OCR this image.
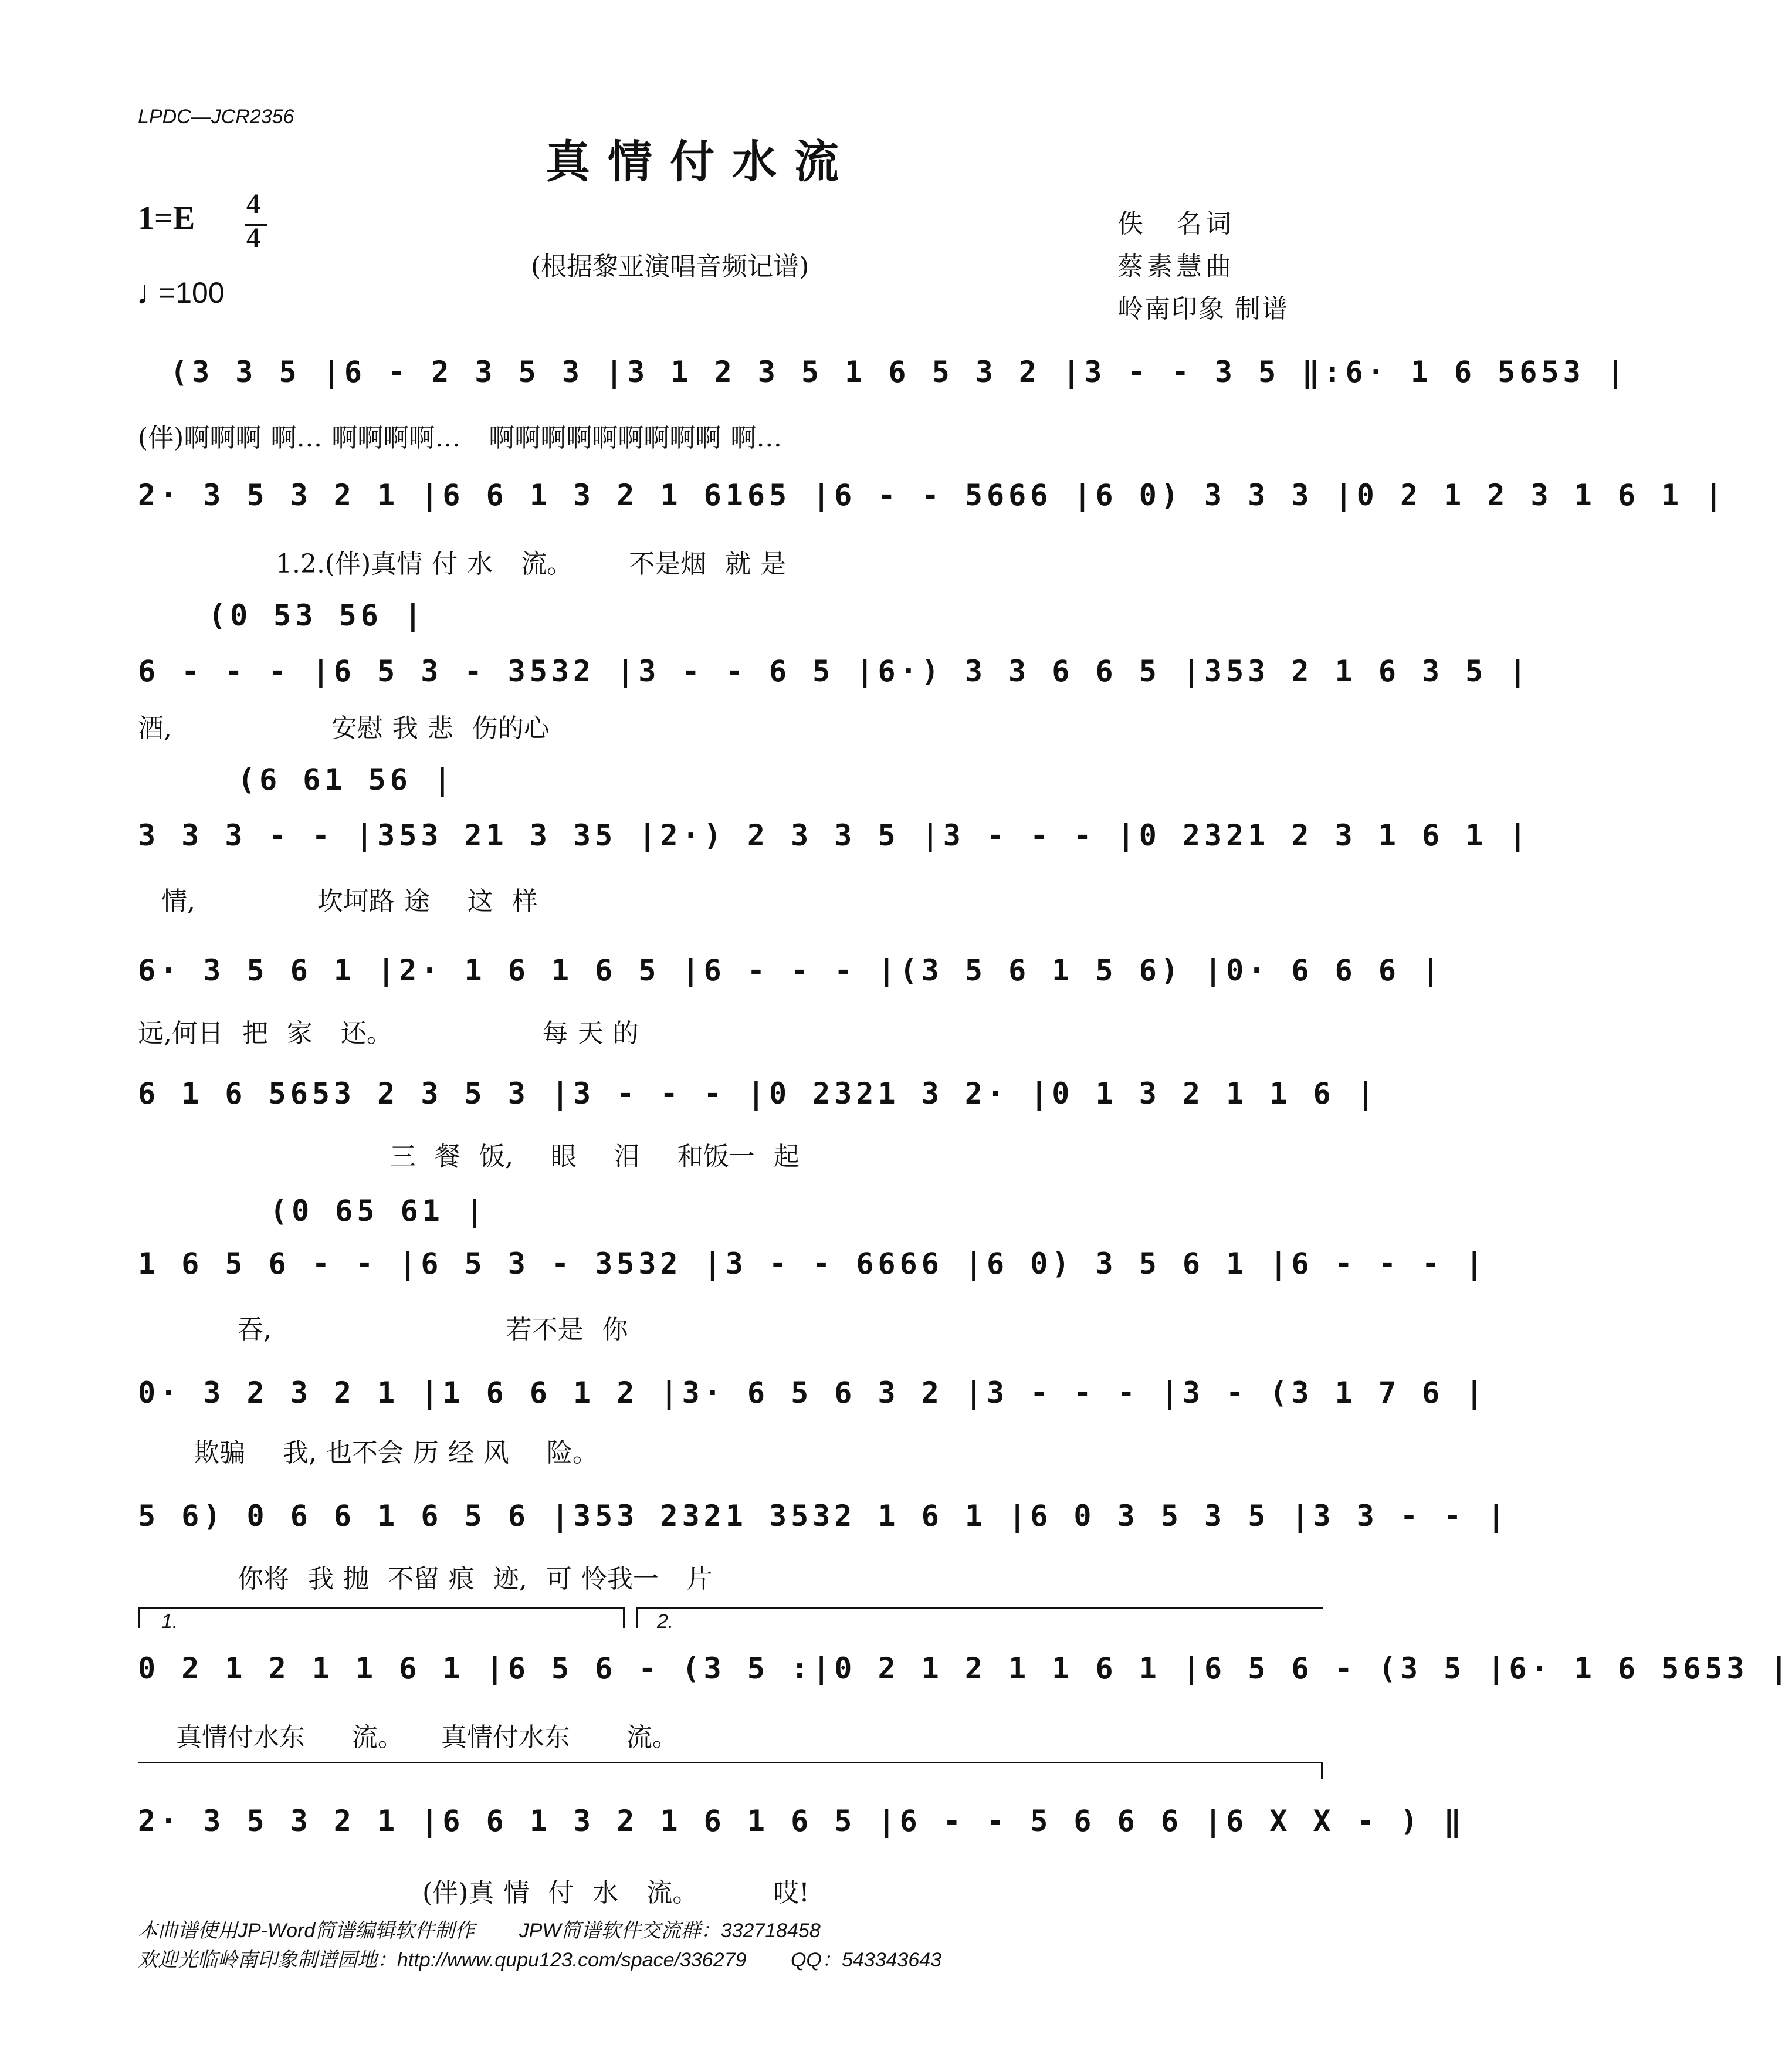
LPDC—JCR2356
真情付水流
1=E 4
4
♩
=100
(根据黎亚演唱音频记谱)
佚　名词
蔡素慧曲
岭南印象 制谱
(3 3 5 |6 - 2 3 5 3 |3 1 2 3 5 1 6 5 3 2 |3 - - 3 5 ‖:6· 1 6 5653 |
(伴)啊啊啊 啊… 啊啊啊啊…   啊啊啊啊啊啊啊啊啊 啊…
2· 3 5 3 2 1 |6 6 1 3 2 1 6165 |6 - - 5666 |6 0) 3 3 3 |0 2 1 2 3 1 6 1 |
1.2.(伴)真情 付 水   流。      不是烟  就 是
(0 53 56 |
6 - - - |6 5 3 - 3532 |3 - - 6 5 |6·) 3 3 6 6 5 |353 2 1 6 3 5 |
酒,                 安慰 我 悲  伤的心
(6 61 56 |
3 3 3 - - |353 21 3 35 |2·) 2 3 3 5 |3 - - - |0 2321 2 3 1 6 1 |
情,             坎坷路 途    这  样
6· 3 5 6 1 |2· 1 6 1 6 5 |6 - - - |(3 5 6 1 5 6) |0· 6 6 6 |
远,何日  把  家   还。                每 天 的
6 1 6 5653 2 3 5 3 |3 - - - |0 2321 3 2· |0 1 3 2 1 1 6 |
三  餐  饭,    眼    泪    和饭一  起
(0 65 61 |
1 6 5 6 - - |6 5 3 - 3532 |3 - - 6666 |6 0) 3 5 6 1 |6 - - - |
吞,                         若不是  你
0· 3 2 3 2 1 |1 6 6 1 2 |3· 6 5 6 3 2 |3 - - - |3 - (3 1 7 6 |
欺骗    我, 也不会 历 经 风    险。
5 6) 0 6 6 1 6 5 6 |353 2321 3532 1 6 1 |6 0 3 5 3 5 |3 3 - - |
你将  我 抛  不留 痕  迹,  可 怜我一   片
1.	2.
0 2 1 2 1 1 6 1 |6 5 6 - (3 5 :|0 2 1 2 1 1 6 1 |6 5 6 - (3 5 |6· 1 6 5653 |
真情付水东     流。    真情付水东      流。
2· 3 5 3 2 1 |6 6 1 3 2 1 6 1 6 5 |6 - - 5 6 6 6 |6 X X - ) ‖
(伴)真 情  付  水   流。        哎!
本曲谱使用JP-Word简谱编辑软件制作        JPW简谱软件交流群：332718458
欢迎光临岭南印象制谱园地：http://www.qupu123.com/space/336279        QQ：543343643
